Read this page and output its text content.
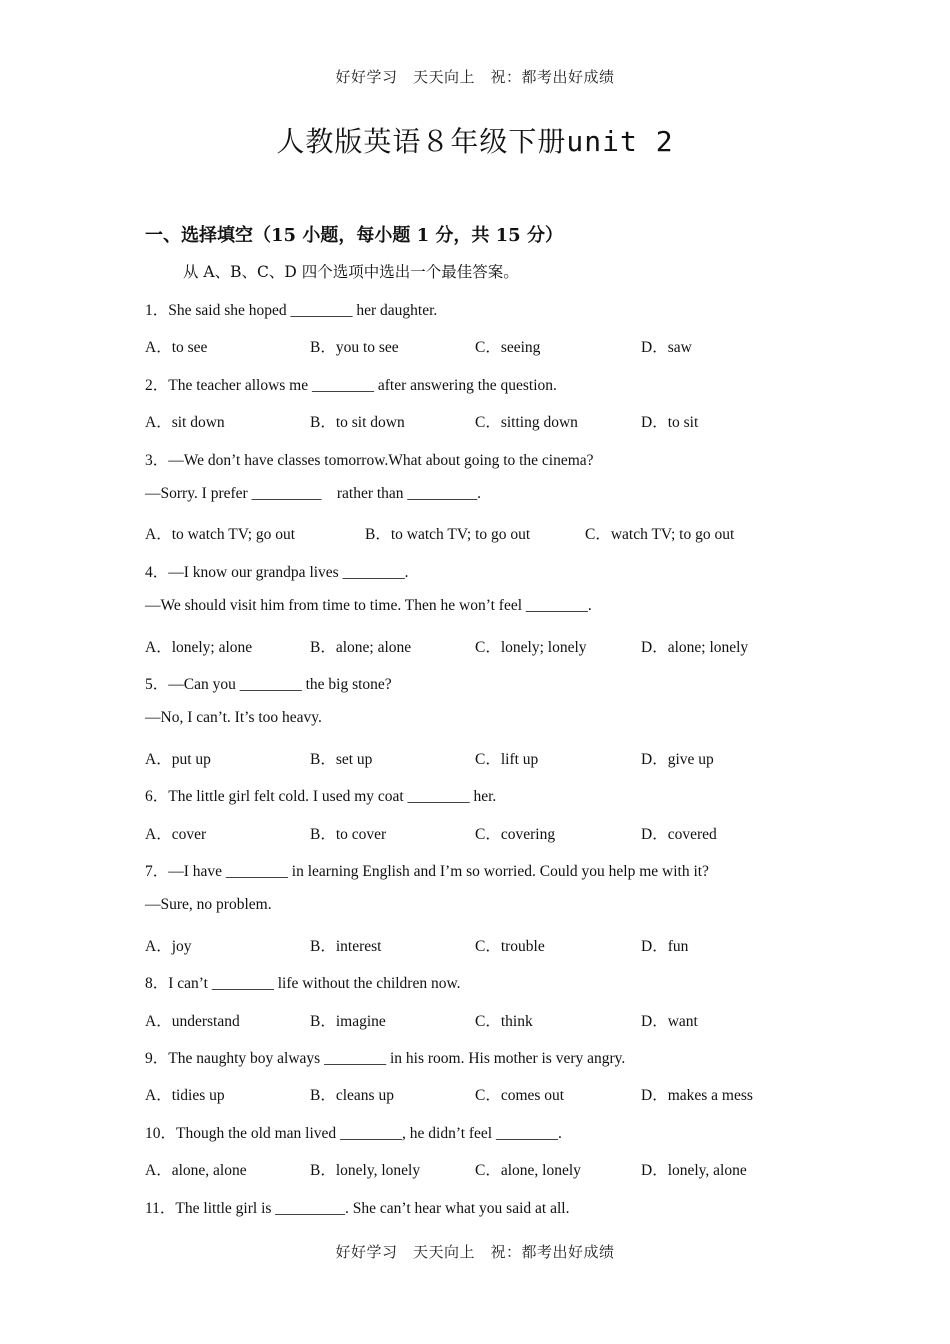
好好学习　天天向上　祝：都考出好成绩
人教版英语８年级下册unit 2
一、选择填空（15 小题，每小题 1 分，共 15 分）
从 A、B、C、D 四个选项中选出一个最佳答案。
1．She said she hoped ________ her daughter.
A．to see	B．you to see	C．seeing	D．saw
2．The teacher allows me ________ after answering the question.
A．sit down	B．to sit down	C．sitting down	D．to sit
3．—We don’t have classes tomorrow.What about going to the cinema?
—Sorry. I prefer _________    rather than _________.
A．to watch TV; go out	B．to watch TV; to go out	C．watch TV; to go out
4．—I know our grandpa lives ________.
—We should visit him from time to time. Then he won’t feel ________.
A．lonely; alone	B．alone; alone	C．lonely; lonely	D．alone; lonely
5．—Can you ________ the big stone?
—No, I can’t. It’s too heavy.
A．put up	B．set up	C．lift up	D．give up
6．The little girl felt cold. I used my coat ________ her.
A．cover	B．to cover	C．covering	D．covered
7．—I have ________ in learning English and I’m so worried. Could you help me with it?
—Sure, no problem.
A．joy	B．interest	C．trouble	D．fun
8．I can’t ________ life without the children now.
A．understand	B．imagine	C．think	D．want
9．The naughty boy always ________ in his room. His mother is very angry.
A．tidies up	B．cleans up	C．comes out	D．makes a mess
10．Though the old man lived ________, he didn’t feel ________.
A．alone, alone	B．lonely, lonely	C．alone, lonely	D．lonely, alone
11．The little girl is _________. She can’t hear what you said at all.
好好学习　天天向上　祝：都考出好成绩
